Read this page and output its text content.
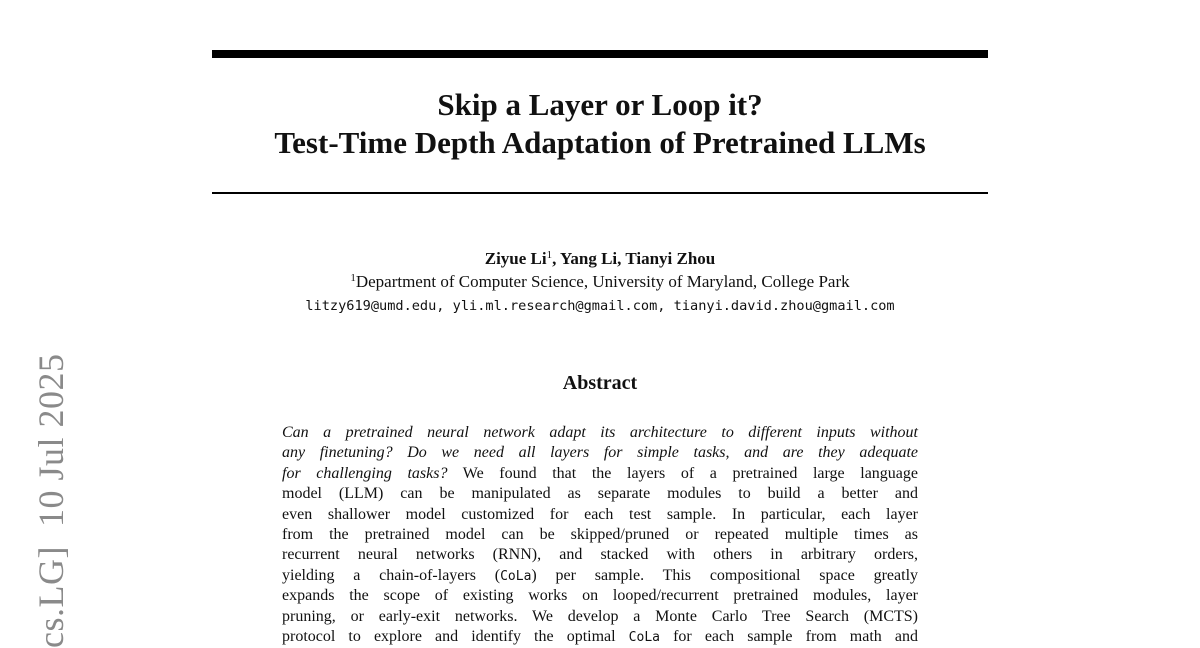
Skip a Layer or Loop it?
Test-Time Depth Adaptation of Pretrained LLMs
Ziyue Li$^1$, Yang Li, Tianyi Zhou
$^1$Department of Computer Science, University of Maryland, College Park
litzy619@umd.edu, yli.ml.research@gmail.com, tianyi.david.zhou@gmail.com
Abstract
Can a pretrained neural network adapt its architecture to different inputs without
any finetuning? Do we need all layers for simple tasks, and are they adequate
for challenging tasks? We found that the layers of a pretrained large language
model (LLM) can be manipulated as separate modules to build a better and
even shallower model customized for each test sample. In particular, each layer
from the pretrained model can be skipped/pruned or repeated multiple times as
recurrent neural networks (RNN), and stacked with others in arbitrary orders,
yielding a chain-of-layers (CoLa) per sample. This compositional space greatly
expands the scope of existing works on looped/recurrent pretrained modules, layer
pruning, or early-exit networks. We develop a Monte Carlo Tree Search (MCTS)
protocol to explore and identify the optimal CoLa for each sample from math and
cs.LG]  10 Jul 2025
